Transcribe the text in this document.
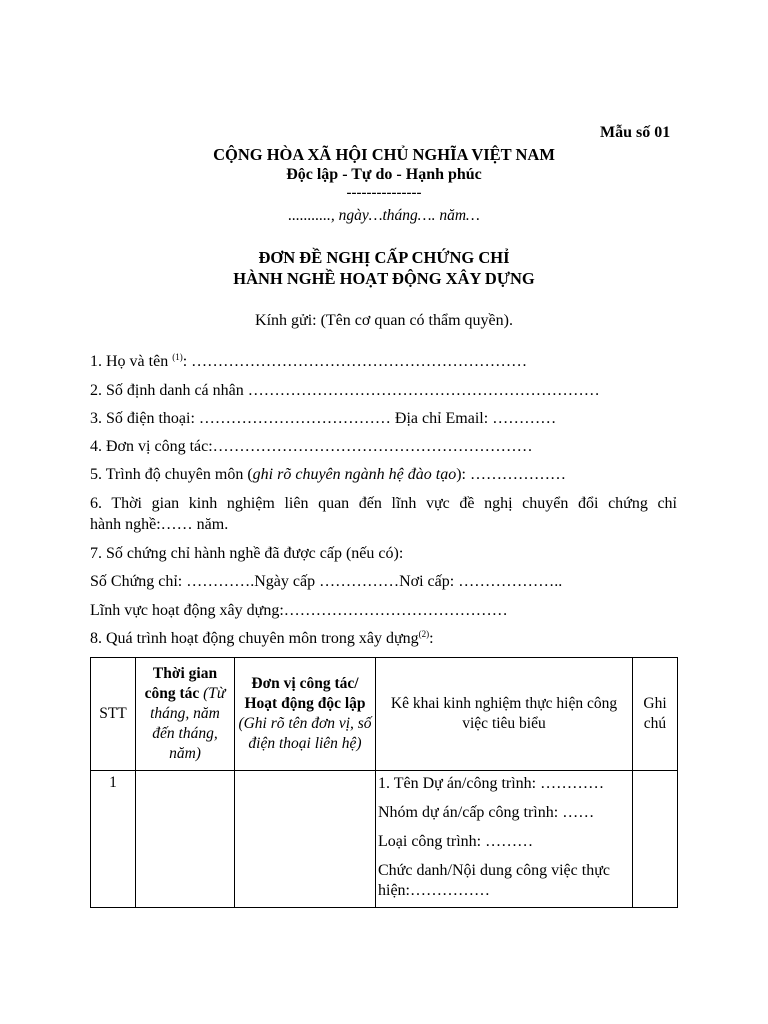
Mẫu số 01
CỘNG HÒA XÃ HỘI CHỦ NGHĨA VIỆT NAM
Độc lập - Tự do - Hạnh phúc
---------------
..........., ngày…tháng…. năm…
ĐƠN ĐỀ NGHỊ CẤP CHỨNG CHỈ
HÀNH NGHỀ HOẠT ĐỘNG XÂY DỰNG
Kính gửi: (Tên cơ quan có thẩm quyền).
1. Họ và tên $^{(1)}$: ………………………………………………………
2. Số định danh cá nhân …………………………………………………………
3. Số điện thoại: ……………………………… Địa chỉ Email: …………
4. Đơn vị công tác:……………………………………………………
5. Trình độ chuyên môn (ghi rõ chuyên ngành hệ đào tạo): ………………
6. Thời gian kinh nghiệm liên quan đến lĩnh vực đề nghị chuyển đổi chứng chỉ
hành nghề:…… năm.
7. Số chứng chỉ hành nghề đã được cấp (nếu có):
Số Chứng chỉ: ………….Ngày cấp ……………Nơi cấp: ………………..
Lĩnh vực hoạt động xây dựng:……………………………………
8. Quá trình hoạt động chuyên môn trong xây dựng$^{(2)}$:
STT	Thời gian công tác (Từ tháng, năm đến tháng, năm)	Đơn vị công tác/ Hoạt động độc lập (Ghi rõ tên đơn vị, số điện thoại liên hệ)	Kê khai kinh nghiệm thực hiện công việc tiêu biểu	Ghi chú
1			1. Tên Dự án/công trình: …………
Nhóm dự án/cấp công trình: ……
Loại công trình: ………
Chức danh/Nội dung công việc thực hiện:……………	
